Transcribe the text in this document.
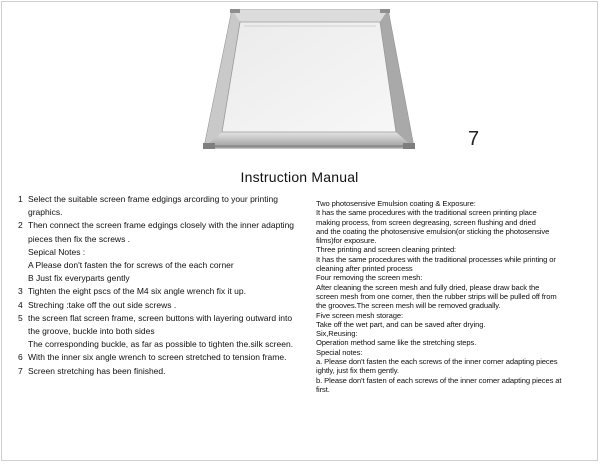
7
Instruction Manual
1 Select the suitable screen frame edgings arcording to your printing
graphics.
2 Then connect the screen frame edgings closely with the inner adapting
pieces then fix the screws .
Sepical Notes :
A Please don't fasten the for screws of the each corner
B Just fix everyparts gently
3 Tighten the eight pscs of the M4 six angle wrench fix it up.
4 Streching :take off the out side screws .
5 the screen flat screen frame, screen buttons with layering outward into
the groove, buckle into both sides
The corresponding buckle, as far as possible to tighten the.silk screen.
6 With the inner six angle wrench to screen stretched to tension frame.
7 Screen stretching has been finished.
Two photosensive Emulsion coating & Exposure:
It has the same procedures with the traditional screen printing place
making process, from screen degreasing, screen flushing and dried
and the coating the photosensive emulsion(or sticking the photosensive
films)for exposure.
Three printing and screen cleaning printed:
It has the same procedures with the traditional processes while printing or
cleaning after printed process
Four removing the screen mesh:
After cleaning the screen mesh and fully dried, please draw back the
screen mesh from one corner, then the rubber strips will be pulled off from
the grooves.The screen mesh will be removed gradually.
Five screen mesh storage:
Take off the wet part, and can be saved after drying.
Six,Reusing:
Operation method same like the stretching steps.
Special notes:
a. Please don't fasten the each screws of the inner corner adapting pieces
ightly, just fix them gently.
b. Please don't fasten of each screws of the inner corner adapting pieces at
first.
